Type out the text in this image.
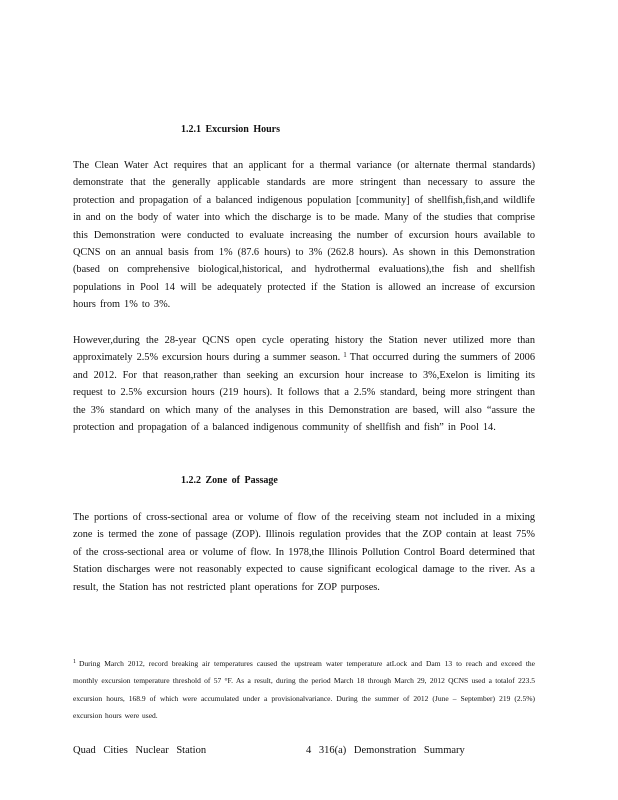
1.2.1 Excursion Hours

The Clean Water Act requires that an applicant for a thermal variance (or alternate thermal standards) demonstrate that the generally applicable standards are more stringent than necessary to assure the protection and propagation of a balanced indigenous population [community] of shellfish,fish,and wildlife in and on the body of water into which the discharge is to be made. Many of the studies that comprise this Demonstration were conducted to evaluate increasing the number of excursion hours available to QCNS on an annual basis from 1% (87.6 hours) to 3% (262.8 hours). As shown in this Demonstration (based on comprehensive biological,historical, and hydrothermal evaluations),the fish and shellfish populations in Pool 14 will be adequately protected if the Station is allowed an increase of excursion hours from 1% to 3%.

However,during the 28-year QCNS open cycle operating history the Station never utilized more than approximately 2.5% excursion hours during a summer season. $^1$ That occurred during the summers of 2006 and 2012. For that reason,rather than seeking an excursion hour increase to 3%,Exelon is limiting its request to 2.5% excursion hours (219 hours). It follows that a 2.5% standard, being more stringent than the 3% standard on which many of the analyses in this Demonstration are based, will also “assure the protection and propagation of a balanced indigenous community of shellfish and fish” in Pool 14.

1.2.2 Zone of Passage

The portions of cross-sectional area or volume of flow of the receiving steam not included in a mixing zone is termed the zone of passage (ZOP). Illinois regulation provides that the ZOP contain at least 75% of the cross-sectional area or volume of flow. In 1978,the Illinois Pollution Control Board determined that Station discharges were not reasonably expected to cause significant ecological damage to the river. As a result, the Station has not restricted plant operations for ZOP purposes.

$^1$ During March 2012, record breaking air temperatures caused the upstream water temperature atLock and Dam 13 to reach and exceed the monthly excursion temperature threshold of 57 °F. As a result, during the period March 18 through March 29, 2012 QCNS used a totalof 223.5 excursion hours, 168.9 of which were accumulated under a provisionalvariance. During the summer of 2012 (June – September) 219 (2.5%) excursion hours were used.
Quad Cities Nuclear Station	4 316(a) Demonstration Summary
